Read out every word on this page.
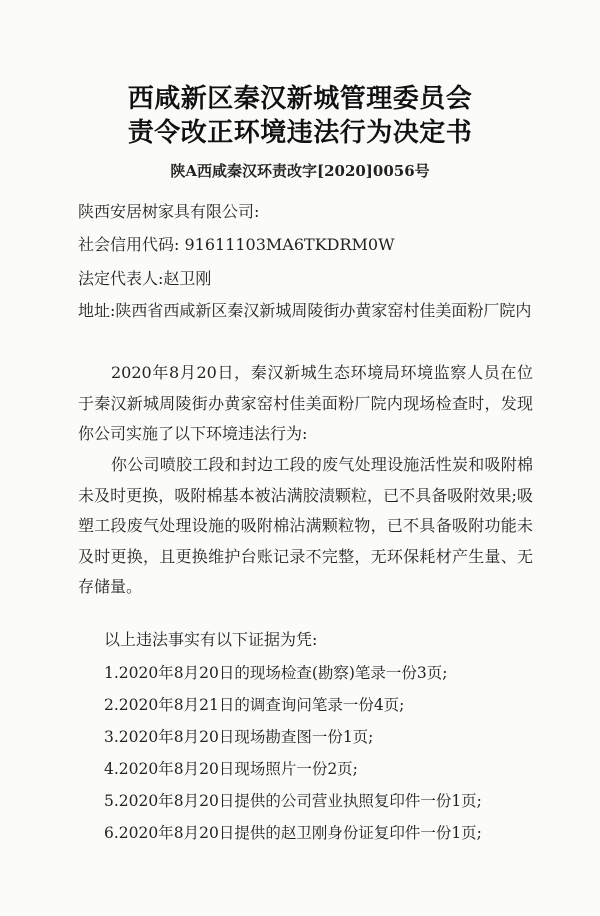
西咸新区秦汉新城管理委员会
责令改正环境违法行为决定书
陕A西咸秦汉环责改字[2020]0056号
陕西安居树家具有限公司:
社会信用代码: 91611103MA6TKDRM0W
法定代表人:赵卫刚
地址:陕西省西咸新区秦汉新城周陵街办黄家窑村佳美面粉厂院内
2020年8月20日，秦汉新城生态环境局环境监察人员在位于秦汉新城周陵街办黄家窑村佳美面粉厂院内现场检查时，发现你公司实施了以下环境违法行为:
你公司喷胶工段和封边工段的废气处理设施活性炭和吸附棉未及时更换，吸附棉基本被沾满胶渍颗粒，已不具备吸附效果;吸塑工段废气处理设施的吸附棉沾满颗粒物，已不具备吸附功能未及时更换，且更换维护台账记录不完整，无环保耗材产生量、无存储量。
以上违法事实有以下证据为凭:
1.2020年8月20日的现场检查(勘察)笔录一份3页;
2.2020年8月21日的调查询问笔录一份4页;
3.2020年8月20日现场勘查图一份1页;
4.2020年8月20日现场照片一份2页;
5.2020年8月20日提供的公司营业执照复印件一份1页;
6.2020年8月20日提供的赵卫刚身份证复印件一份1页;
